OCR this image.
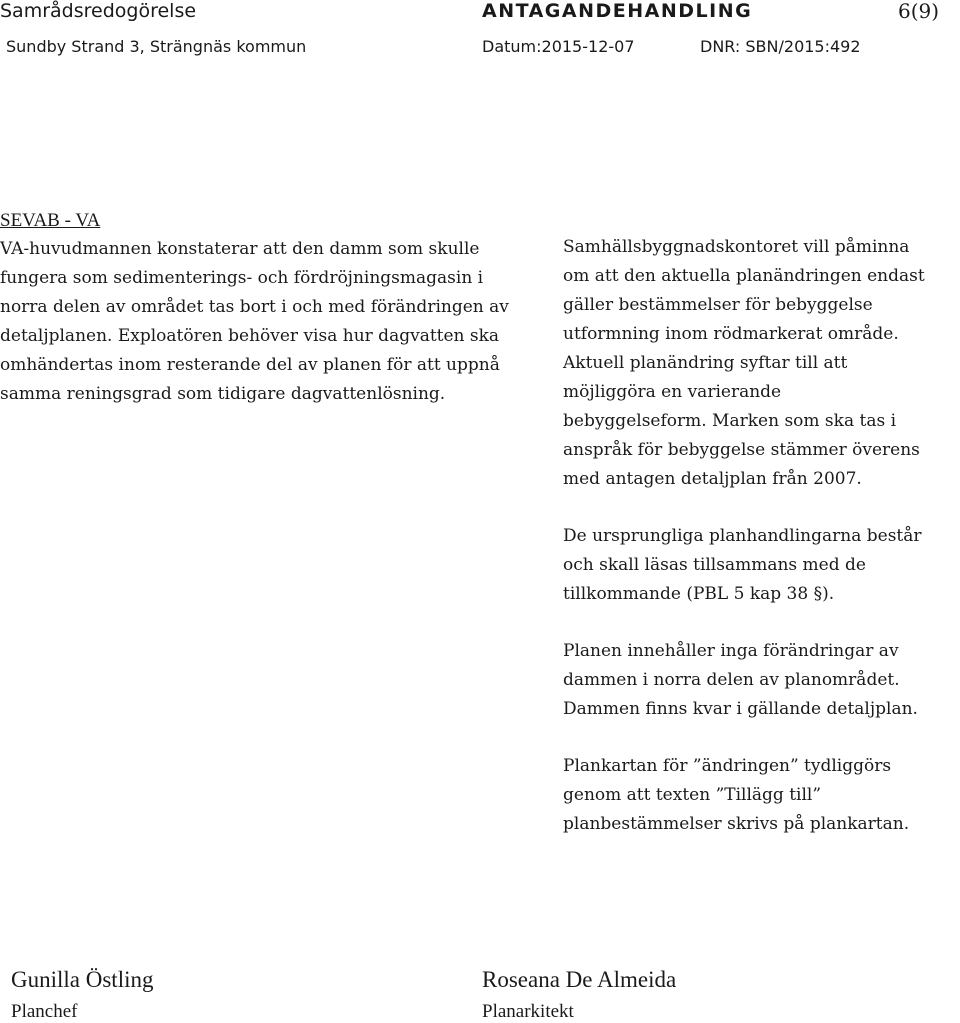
Samrådsredogörelse	ANTAGANDEHANDLING	6(9)
Sundby Strand 3, Strängnäs kommun	Datum:2015-12-07	DNR: SBN/2015:492
SEVAB - VA
VA-huvudmannen konstaterar att den damm som skulle
fungera som sedimenterings- och fördröjningsmagasin i
norra delen av området tas bort i och med förändringen av
detaljplanen. Exploatören behöver visa hur dagvatten ska
omhändertas inom resterande del av planen för att uppnå
samma reningsgrad som tidigare dagvattenlösning.
Samhällsbyggnadskontoret vill påminna
om att den aktuella planändringen endast
gäller bestämmelser för bebyggelse
utformning inom rödmarkerat område.
Aktuell planändring syftar till att
möjliggöra en varierande
bebyggelseform. Marken som ska tas i
anspråk för bebyggelse stämmer överens
med antagen detaljplan från 2007.
De ursprungliga planhandlingarna består
och skall läsas tillsammans med de
tillkommande (PBL 5 kap 38 §).
Planen innehåller inga förändringar av
dammen i norra delen av planområdet.
Dammen finns kvar i gällande detaljplan.
Plankartan för ”ändringen” tydliggörs
genom att texten ”Tillägg till”
planbestämmelser skrivs på plankartan.
Gunilla Östling
Planchef
Roseana De Almeida
Planarkitekt
